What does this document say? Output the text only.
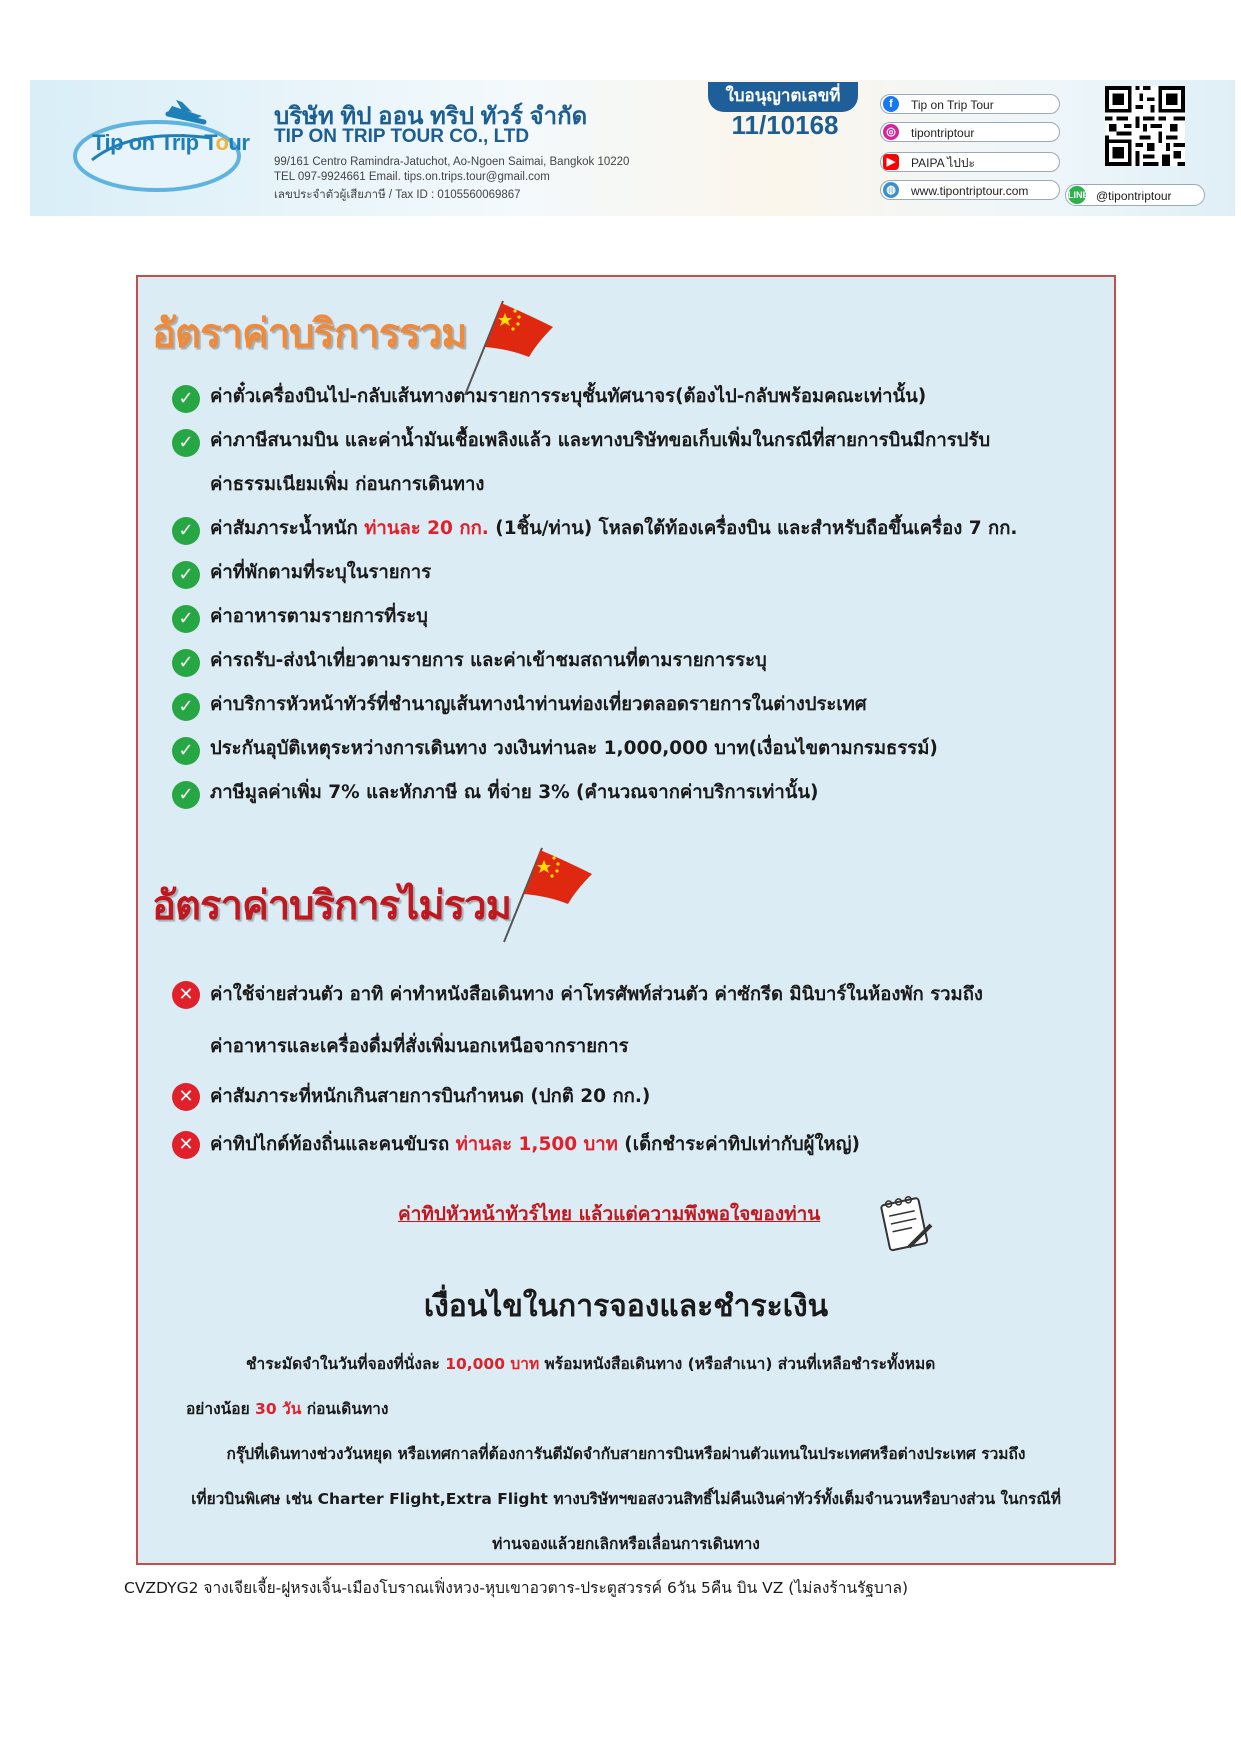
Tip on Trip Tour
บริษัท ทิป ออน ทริป ทัวร์ จำกัด
TIP ON TRIP TOUR CO., LTD
99/161 Centro Ramindra-Jatuchot, Ao-Ngoen Saimai, Bangkok 10220
TEL 097-9924661 Email. tips.on.trips.tour@gmail.com
เลขประจำตัวผู้เสียภาษี / Tax ID : 0105560069867
ใบอนุญาตเลขที่
11/10168
f	Tip on Trip Tour
◎ tipontriptour
▶	PAIPA ไปปะ
◍ www.tipontriptour.com	LINE @tipontriptour
อัตราค่าบริการรวม
✓ ค่าตั๋วเครื่องบินไป-กลับเส้นทางตามรายการระบุชั้นทัศนาจร(ต้องไป-กลับพร้อมคณะเท่านั้น)
✓ ค่าภาษีสนามบิน และค่าน้ำมันเชื้อเพลิงแล้ว และทางบริษัทขอเก็บเพิ่มในกรณีที่สายการบินมีการปรับ
ค่าธรรมเนียมเพิ่ม ก่อนการเดินทาง
✓ ค่าสัมภาระน้ำหนัก ท่านละ 20 กก. (1ชิ้น/ท่าน) โหลดใต้ท้องเครื่องบิน และสำหรับถือขึ้นเครื่อง 7 กก.
✓ ค่าที่พักตามที่ระบุในรายการ
✓ ค่าอาหารตามรายการที่ระบุ
✓ ค่ารถรับ-ส่งนำเที่ยวตามรายการ และค่าเข้าชมสถานที่ตามรายการระบุ
✓ ค่าบริการหัวหน้าทัวร์ที่ชำนาญเส้นทางนำท่านท่องเที่ยวตลอดรายการในต่างประเทศ
✓ ประกันอุบัติเหตุระหว่างการเดินทาง วงเงินท่านละ 1,000,000 บาท(เงื่อนไขตามกรมธรรม์)
✓ ภาษีมูลค่าเพิ่ม 7% และหักภาษี ณ ที่จ่าย 3% (คำนวณจากค่าบริการเท่านั้น)
อัตราค่าบริการไม่รวม
✕ ค่าใช้จ่ายส่วนตัว อาทิ ค่าทำหนังสือเดินทาง ค่าโทรศัพท์ส่วนตัว ค่าซักรีด มินิบาร์ในห้องพัก รวมถึง
ค่าอาหารและเครื่องดื่มที่สั่งเพิ่มนอกเหนือจากรายการ
✕ ค่าสัมภาระที่หนักเกินสายการบินกำหนด (ปกติ 20 กก.)
✕ ค่าทิปไกด์ท้องถิ่นและคนขับรถ ท่านละ 1,500 บาท (เด็กชำระค่าทิปเท่ากับผู้ใหญ่)
ค่าทิปหัวหน้าทัวร์ไทย แล้วแต่ความพึงพอใจของท่าน
เงื่อนไขในการจองและชำระเงิน
ชำระมัดจำในวันที่จองที่นั่งละ 10,000 บาท พร้อมหนังสือเดินทาง (หรือสำเนา) ส่วนที่เหลือชำระทั้งหมด
อย่างน้อย 30 วัน ก่อนเดินทาง
กรุ๊ปที่เดินทางช่วงวันหยุด หรือเทศกาลที่ต้องการันตีมัดจำกับสายการบินหรือผ่านตัวแทนในประเทศหรือต่างประเทศ รวมถึง
เที่ยวบินพิเศษ เช่น Charter Flight,Extra Flight ทางบริษัทฯขอสงวนสิทธิ์ไม่คืนเงินค่าทัวร์ทั้งเต็มจำนวนหรือบางส่วน ในกรณีที่
ท่านจองแล้วยกเลิกหรือเลื่อนการเดินทาง
CVZDYG2 จางเจียเจี้ย-ฝูหรงเจิ้น-เมืองโบราณเฟิ่งหวง-หุบเขาอวตาร-ประตูสวรรค์ 6วัน 5คืน บิน VZ (ไม่ลงร้านรัฐบาล)
